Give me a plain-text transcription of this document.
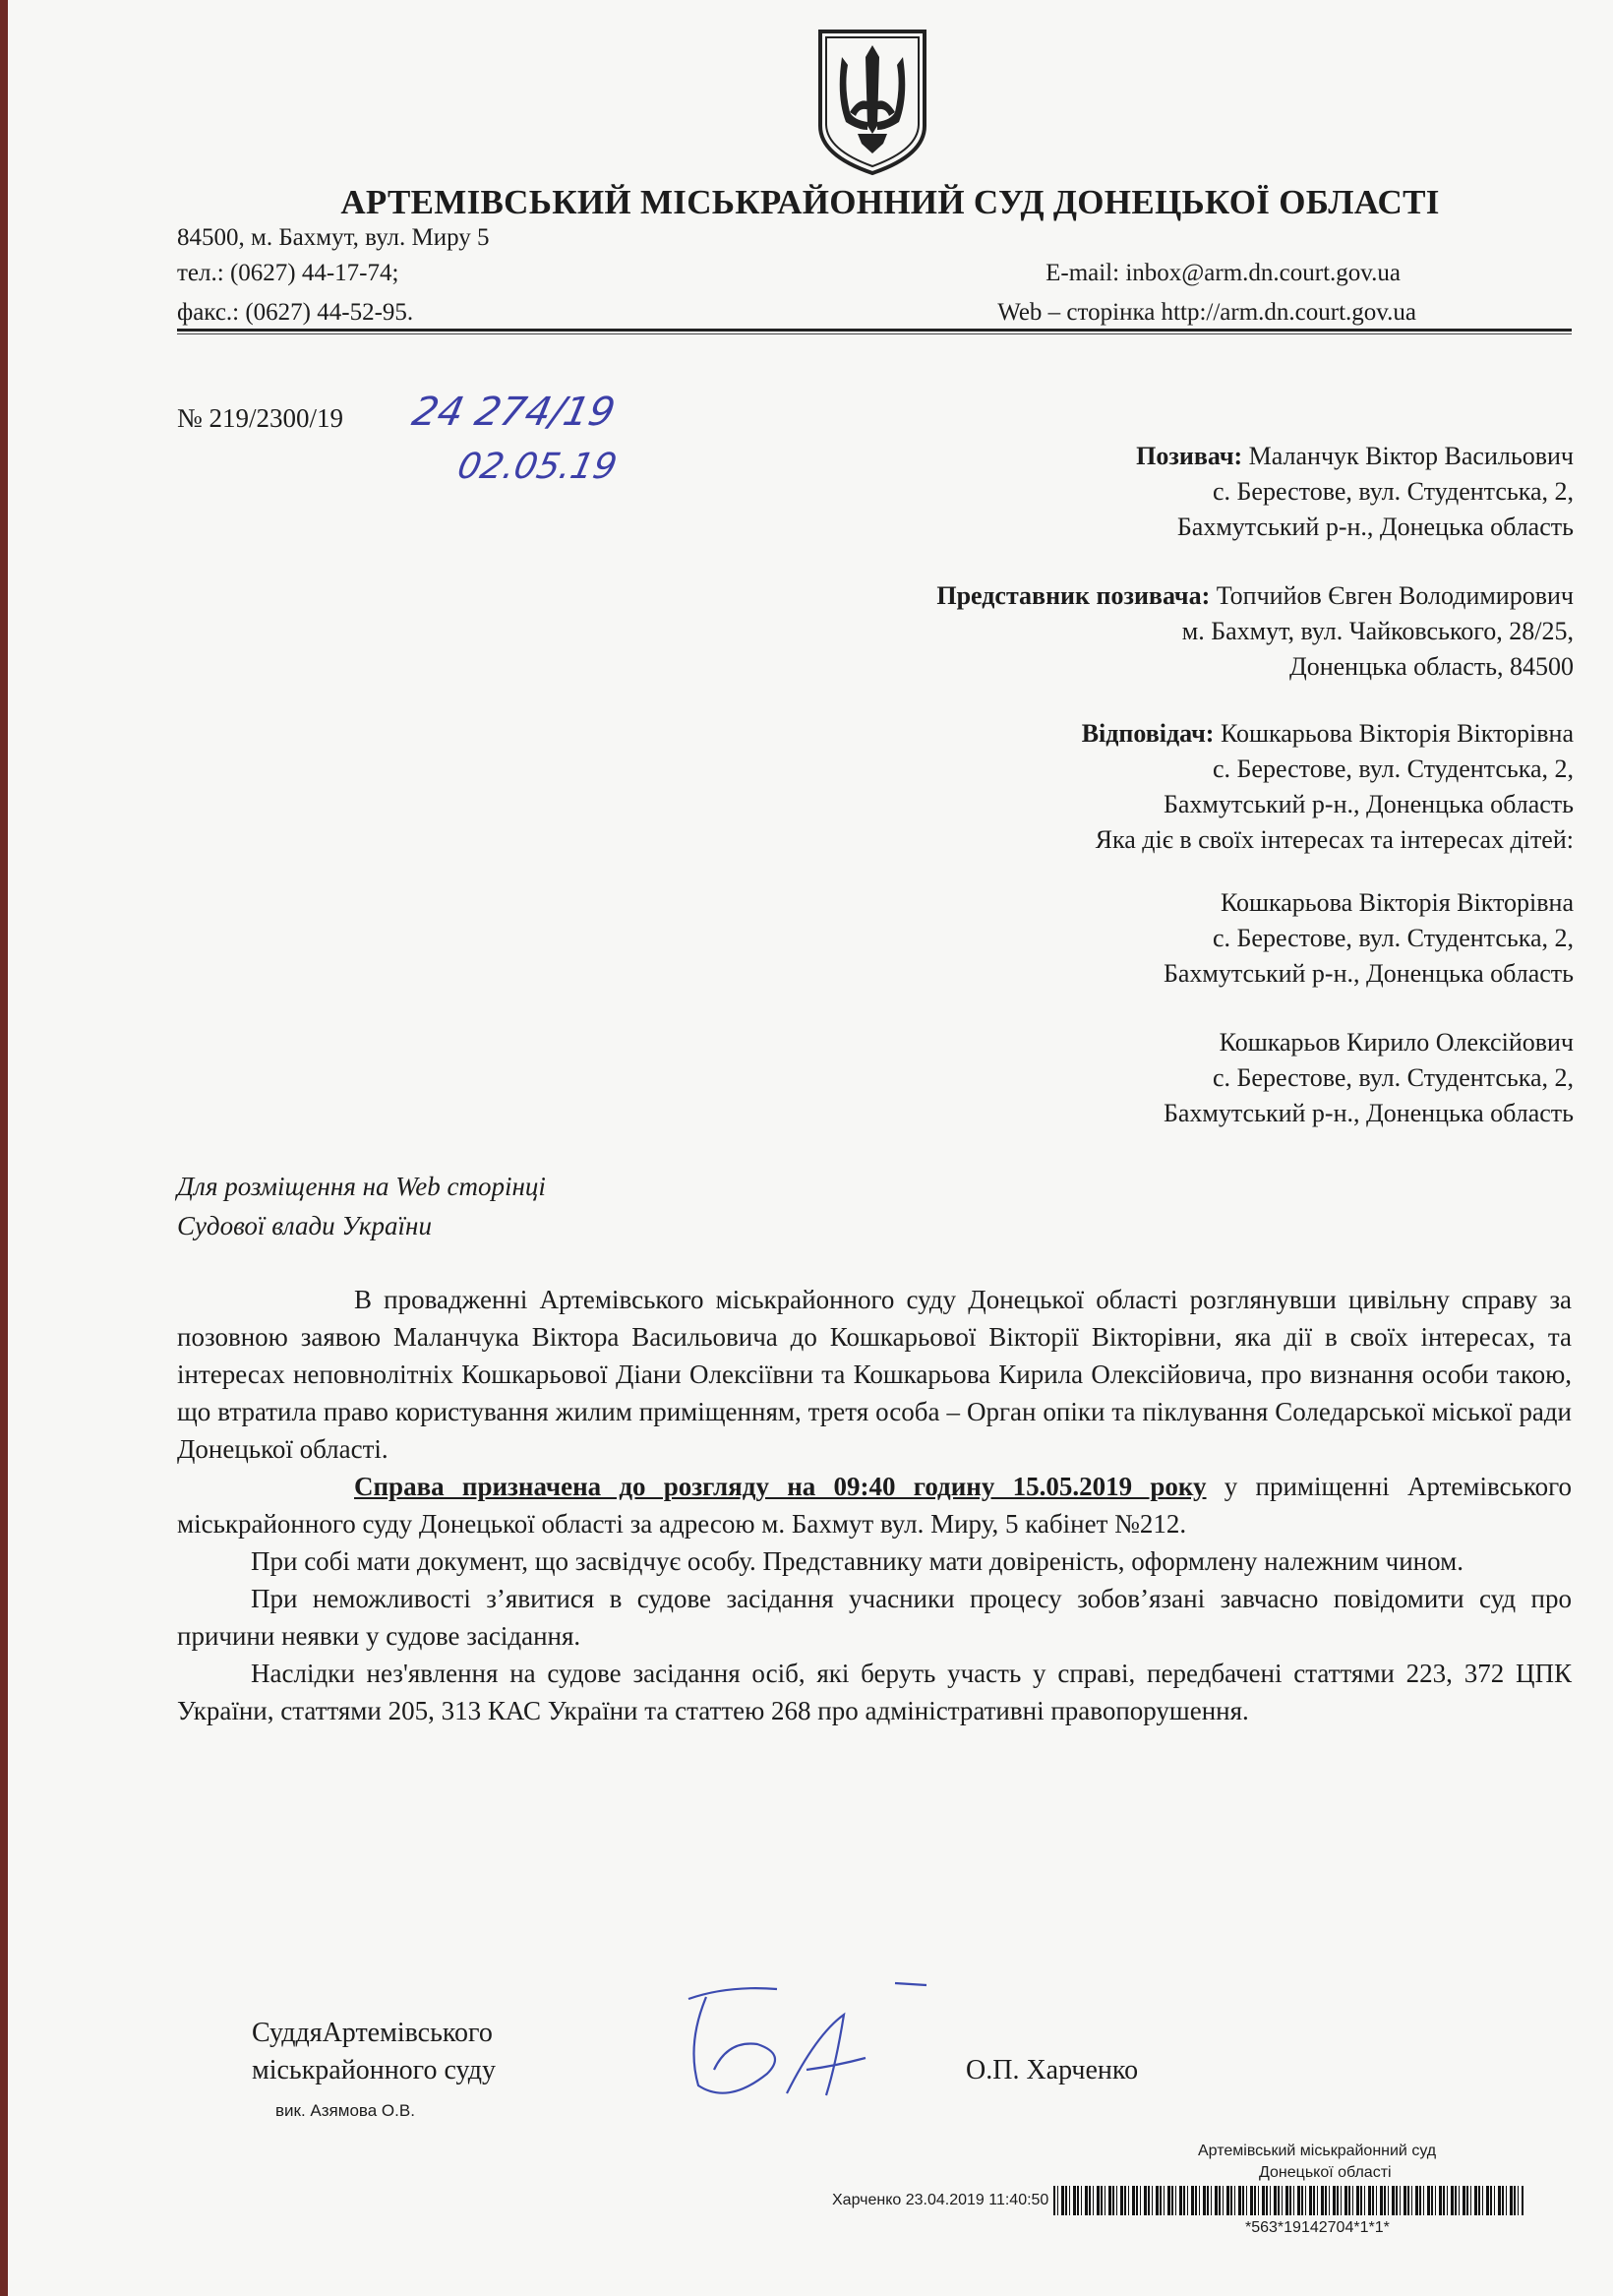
АРТЕМІВСЬКИЙ МІСЬКРАЙОННИЙ СУД ДОНЕЦЬКОЇ ОБЛАСТІ
84500, м. Бахмут, вул. Миру 5
тел.: (0627) 44-17-74;
факс.: (0627) 44-52-95.
E-mail: inbox@arm.dn.court.gov.ua
Web – сторінка http://arm.dn.court.gov.ua
№ 219/2300/19 24 274/19
02.05.19	Позивач: Маланчук Віктор Васильович
с. Берестове, вул. Студентська, 2,
Бахмутський р-н., Донецька область
Представник позивача: Топчийов Євген Володимирович
м. Бахмут, вул. Чайковського, 28/25,
Доненцька область, 84500
Відповідач: Кошкарьова Вікторія Вікторівна
с. Берестове, вул. Студентська, 2,
Бахмутський р-н., Доненцька область
Яка діє в своїх інтересах та інтересах дітей:
Кошкарьова Вікторія Вікторівна
с. Берестове, вул. Студентська, 2,
Бахмутський р-н., Доненцька область
Кошкарьов Кирило Олексійович
с. Берестове, вул. Студентська, 2,
Бахмутський р-н., Доненцька область
Для розміщення на Web сторінці
Судової влади України

В провадженні Артемівського міськрайонного суду Донецької області розглянувши цивільну справу за позовною заявою Маланчука Віктора Васильовича до Кошкарьової Вікторії Вікторівни, яка дії в своїх інтересах, та інтересах неповнолітніх Кошкарьової Діани Олексіївни та Кошкарьова Кирила Олексійовича, про визнання особи такою, що втратила право користування жилим приміщенням, третя особа – Орган опіки та піклування Соледарської міської ради Донецької області.

Справа призначена до розгляду на 09:40 годину 15.05.2019 року у приміщенні Артемівського міськрайонного суду Донецької області за адресою м. Бахмут вул. Миру, 5 кабінет №212.

При собі мати документ, що засвідчує особу. Представнику мати довіреність, оформлену належним чином.

При неможливості з’явитися в судове засідання учасники процесу зобов’язані завчасно повідомити суд про причини неявки у судове засідання.

Наслідки нез'явлення на судове засідання осіб, які беруть участь у справі, передбачені статтями 223, 372 ЦПК України, статтями 205, 313 КАС України та статтею 268 про адміністративні правопорушення.

СуддяАртемівського
міськрайонного суду
вик. Азямова О.В.
О.П. Харченко
Артемівський міськрайонний суд
Донецької області
Харченко 23.04.2019 11:40:50
*563*19142704*1*1*
